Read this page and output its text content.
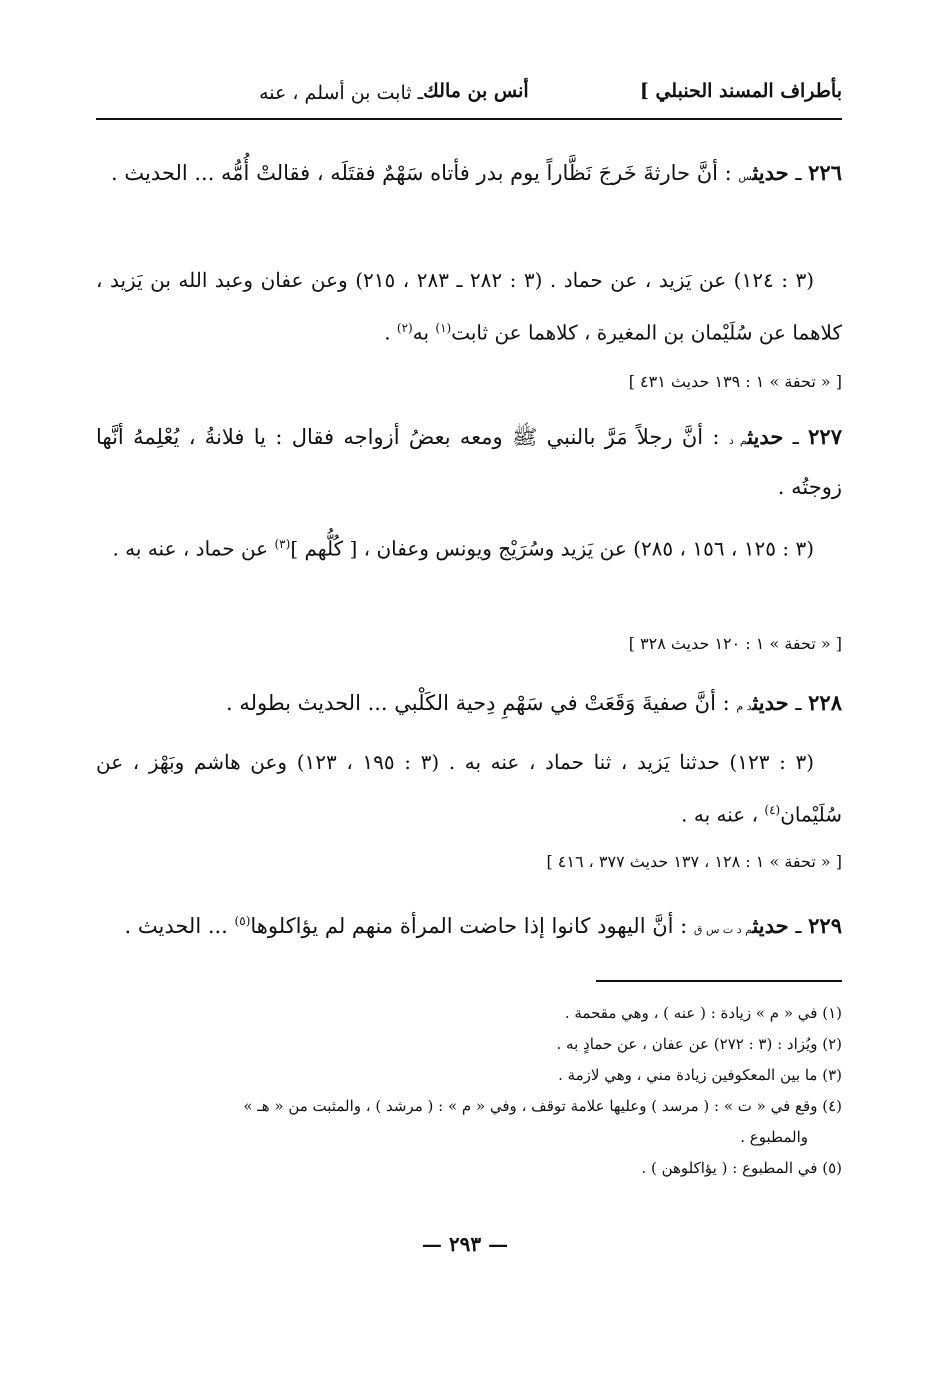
بأطراف المسند الحنبلي ]
أنس بن مالك
ـ ثابت بن أسلم ، عنه

٢٢٦ ـ حديثس : أنَّ حارثةَ خَرجَ نَظَّاراً يوم بدر فأتاه سَهْمٌ فقتَلَه ، فقالتْ أُمُّه ... الحديث .

(٣ : ١٢٤) عن يَزيد ، عن حماد . (٣ : ٢٨٢ ـ ٢٨٣ ، ٢١٥) وعن عفان وعبد الله بن يَزيد ، كلاهما عن سُلَيْمان بن المغيرة ، كلاهما عن ثابت$^{(١)}$ به$^{(٢)}$ .
[ « تحفة » ١ : ١٣٩ حديث ٤٣١ ]

٢٢٧ ـ حديثم د : أنَّ رجلاً مَرَّ بالنبي ﷺ ومعه بعضُ أزواجه فقال : يا فلانةُ ، يُعْلِمهُ أنَّها زوجتُه .

(٣ : ١٢٥ ، ١٥٦ ، ٢٨٥) عن يَزيد وسُرَيْج ويونس وعفان ، [ كُلُّهم ]$^{(٣)}$ عن حماد ، عنه به .
[ « تحفة » ١ : ١٢٠ حديث ٣٢٨ ]

٢٢٨ ـ حديثد م : أنَّ صفيةَ وَقَعَتْ في سَهْمِ دِحية الكَلْبي ... الحديث بطوله .

(٣ : ١٢٣) حدثنا يَزيد ، ثنا حماد ، عنه به . (٣ : ١٩٥ ، ١٢٣) وعن هاشم وبَهْز ، عن سُلَيْمان$^{(٤)}$ ، عنه به .
[ « تحفة » ١ : ١٢٨ ، ١٣٧ حديث ٣٧٧ ، ٤١٦ ]

٢٢٩ ـ حديثم د ت س ق : أنَّ اليهود كانوا إذا حاضت المرأة منهم لم يؤاكلوها$^{(٥)}$ ... الحديث .

(١) في « م » زيادة : ( عنه ) ، وهي مقحمة .
(٢) ويُزاد : (٣ : ٢٧٢) عن عفان ، عن حمادٍ به .
(٣) ما بين المعكوفين زيادة مني ، وهي لازمة .
(٤) وقع في « ت » : ( مرسد ) وعليها علامة توقف ، وفي « م » : ( مرشد ) ، والمثبت من « هـ »
والمطبوع .
(٥) في المطبوع : ( يؤاكلوهن ) .
— ٢٩٣ —
